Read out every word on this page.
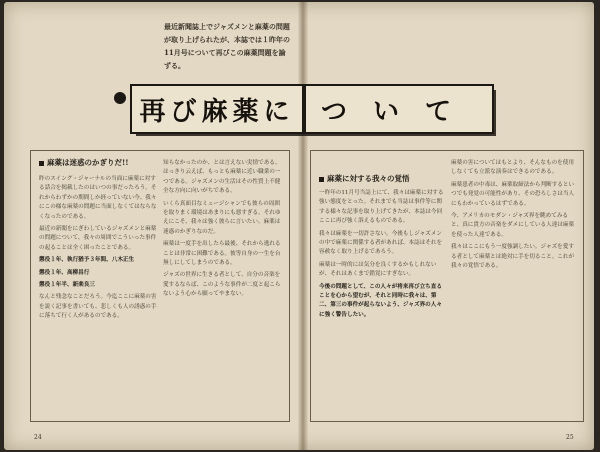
最近新聞誌上でジャズメンと麻薬の問題が取り上げられたが、本誌では１昨年の11月号について再びこの麻薬問題を論ずる。
再び麻薬に	ついて
麻薬は迷惑のかぎりだ!!

昨のスイング・ジャーナルの当面に麻薬に対する話合を掲載したのはいつの事だったろう。それからわずかの期間しか経っていない今、我々にこの様な麻薬の問題に当面しなくてはならなくなったのである。

最近の新聞をにぎわしているジャズメンと麻薬の問題について、我々の周囲でこういった事件の起ることは全く困ったことである。

懲役１年、執行猶予３年間、八木正生

懲役１年、高柳昌行

懲役１年半、新楽良三

なんと残念なことだろう。今迄ここに麻薬の害を説く記事を書いても、悲しくも人の誘惑の手に落ちて行く人があるのである。

知らなかったのか、とは言えない実情である。はっきり云えば、もっとも麻薬に近い職業の一つである。ジャズメンの生活はその性質上不健全な方向に向いがちである。

いくら真面目なミュージシャンでも彼らの周囲を取りまく環境はあまりにも悪すぎる。それゆえにこそ、我々は強く彼らに言いたい。麻薬は迷惑のかぎりなのだ。

麻薬は一度手を出したら最後、それから逃れることは非常に困難である。彼等自身の一生を台無しにしてしまうのである。

ジャズの世界に生きる者として、自分の音楽を愛するならば、このような事件が二度と起こらないよう心から願ってやまない。

24
麻薬に対する我々の覚悟

一昨年の11月号当誌上にて、我々は麻薬に対する強い態度をとった。それまでも当誌は事件等に関する様々な記事を取り上げてきたが、本誌は今回ここに再び強く訴えるものである。

我々は麻薬を一切許さない。今後もしジャズメンの中で麻薬に関係する者があれば、本誌はそれを容赦なく取り上げるであろう。

麻薬は一時的には気分を良くするかもしれないが、それはあくまで錯覚にすぎない。

今後の問題として、この人々が将来再び立ち直ることを心から望むが、それと同時に我々は、第二、第三の事件が起らないよう、ジャズ界の人々に強く警告したい。

麻薬の害についてはもとより、そんなものを使用しなくても立派な演奏はできるのである。

麻薬患者の中毒は、麻薬取締法から判断するといつでも発覚の可能性があり、その恐ろしさは当人にもわかっているはずである。

今、アメリカのモダン・ジャズ界を眺めてみると、真に貴方の音楽をダメにしている人達は麻薬を使った人達である。

我々はここにもう一度強調したい。ジャズを愛する者として麻薬とは絶対に手を切ること。これが我々の覚悟である。

25
